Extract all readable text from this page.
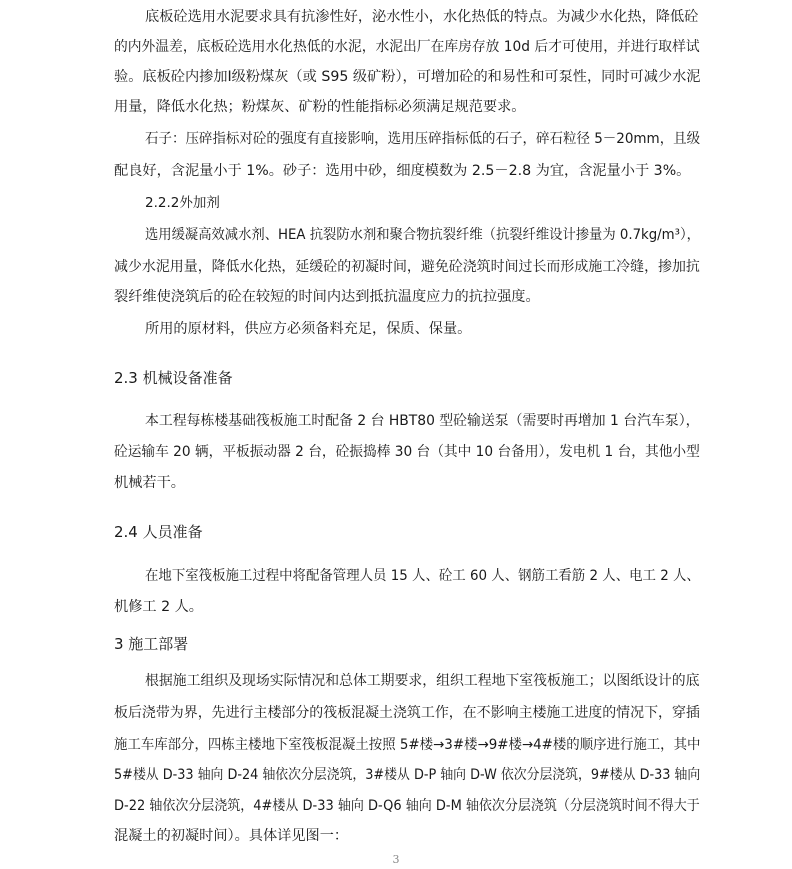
底板砼选用水泥要求具有抗渗性好，泌水性小，水化热低的特点。为减少水化热，降低砼
的内外温差，底板砼选用水化热低的水泥，水泥出厂在库房存放 10d 后才可使用，并进行取样试
验。底板砼内掺加Ⅰ级粉煤灰（或 S95 级矿粉），可增加砼的和易性和可泵性，同时可减少水泥
用量，降低水化热；粉煤灰、矿粉的性能指标必须满足规范要求。
石子：压碎指标对砼的强度有直接影响，选用压碎指标低的石子，碎石粒径 5－20mm，且级
配良好，含泥量小于 1%。砂子：选用中砂，细度模数为 2.5－2.8 为宜，含泥量小于 3%。
2.2.2外加剂
选用缓凝高效减水剂、HEA 抗裂防水剂和聚合物抗裂纤维（抗裂纤维设计掺量为 0.7kg/m³），
减少水泥用量，降低水化热，延缓砼的初凝时间，避免砼浇筑时间过长而形成施工冷缝，掺加抗
裂纤维使浇筑后的砼在较短的时间内达到抵抗温度应力的抗拉强度。
所用的原材料，供应方必须备料充足，保质、保量。
2.3 机械设备准备
本工程每栋楼基础筏板施工时配备 2 台 HBT80 型砼输送泵（需要时再增加 1 台汽车泵），
砼运输车 20 辆，平板振动器 2 台，砼振捣棒 30 台（其中 10 台备用），发电机 1 台，其他小型
机械若干。
2.4 人员准备
在地下室筏板施工过程中将配备管理人员 15 人、砼工 60 人、钢筋工看筋 2 人、电工 2 人、
机修工 2 人。
3 施工部署
根据施工组织及现场实际情况和总体工期要求，组织工程地下室筏板施工；以图纸设计的底
板后浇带为界，先进行主楼部分的筏板混凝土浇筑工作，在不影响主楼施工进度的情况下，穿插
施工车库部分，四栋主楼地下室筏板混凝土按照 5#楼→3#楼→9#楼→4#楼的顺序进行施工，其中
5#楼从 D-33 轴向 D-24 轴依次分层浇筑，3#楼从 D-P 轴向 D-W 依次分层浇筑，9#楼从 D-33 轴向
D-22 轴依次分层浇筑，4#楼从 D-33 轴向 D-Q6 轴向 D-M 轴依次分层浇筑（分层浇筑时间不得大于
混凝土的初凝时间）。具体详见图一：
3
